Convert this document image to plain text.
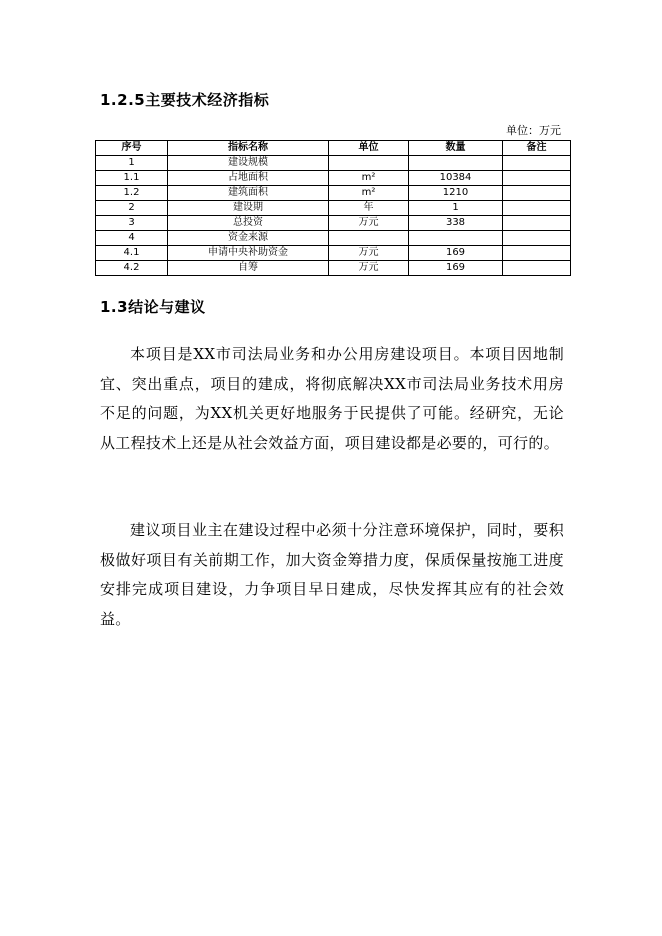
1.2.5主要技术经济指标
单位：万元
序号	指标名称	单位	数量	备注
1	建设规模			
1.1	占地面积	m²	10384	
1.2	建筑面积	m²	1210	
2	建设期	年	1	
3	总投资	万元	338	
4	资金来源			
4.1	申请中央补助资金	万元	169	
4.2	自筹	万元	169	
1.3结论与建议
本项目是XX市司法局业务和办公用房建设项目。本项目因地制宜、突出重点，项目的建成，将彻底解决XX市司法局业务技术用房不足的问题，为XX机关更好地服务于民提供了可能。经研究，无论从工程技术上还是从社会效益方面，项目建设都是必要的，可行的。
建议项目业主在建设过程中必须十分注意环境保护，同时，要积极做好项目有关前期工作，加大资金筹措力度，保质保量按施工进度安排完成项目建设，力争项目早日建成，尽快发挥其应有的社会效益。
